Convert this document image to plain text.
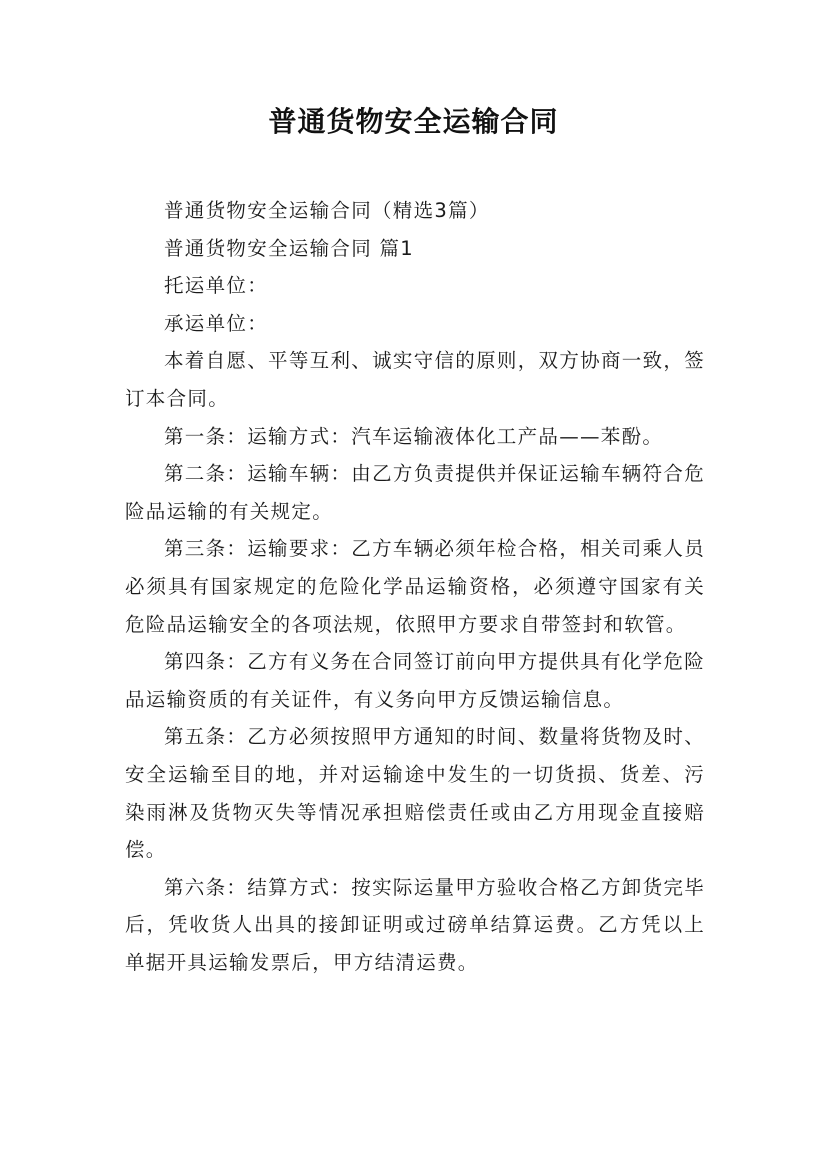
普通货物安全运输合同

普通货物安全运输合同（精选3篇）

普通货物安全运输合同 篇1

托运单位：

承运单位：

本着自愿、平等互利、诚实守信的原则，双方协商一致，签订本合同。

第一条：运输方式：汽车运输液体化工产品——苯酚。

第二条：运输车辆：由乙方负责提供并保证运输车辆符合危险品运输的有关规定。

第三条：运输要求：乙方车辆必须年检合格，相关司乘人员必须具有国家规定的危险化学品运输资格，必须遵守国家有关危险品运输安全的各项法规，依照甲方要求自带签封和软管。

第四条：乙方有义务在合同签订前向甲方提供具有化学危险品运输资质的有关证件，有义务向甲方反馈运输信息。

第五条：乙方必须按照甲方通知的时间、数量将货物及时、安全运输至目的地，并对运输途中发生的一切货损、货差、污染雨淋及货物灭失等情况承担赔偿责任或由乙方用现金直接赔偿。

第六条：结算方式：按实际运量甲方验收合格乙方卸货完毕后，凭收货人出具的接卸证明或过磅单结算运费。乙方凭以上单据开具运输发票后，甲方结清运费。
